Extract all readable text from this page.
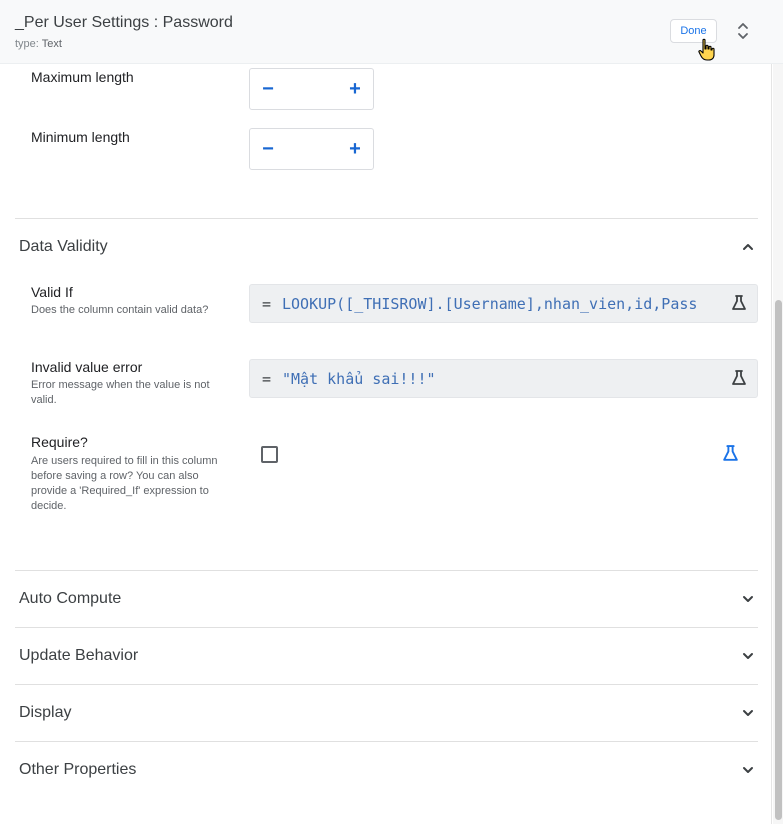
_Per User Settings : Password
type: Text
Done
Maximum length
−	+
Minimum length
−	+
Data Validity
Valid If
Does the column contain valid data?	= LOOKUP([_THISROW].[Username],nhan_vien,id,Pass
Invalid value error
Error message when the value is not valid.
= "Mật khẩu sai!!!"
Require?
Are users required to fill in this column before saving a row? You can also provide a 'Required_If' expression to decide.
Auto Compute
Update Behavior
Display
Other Properties
